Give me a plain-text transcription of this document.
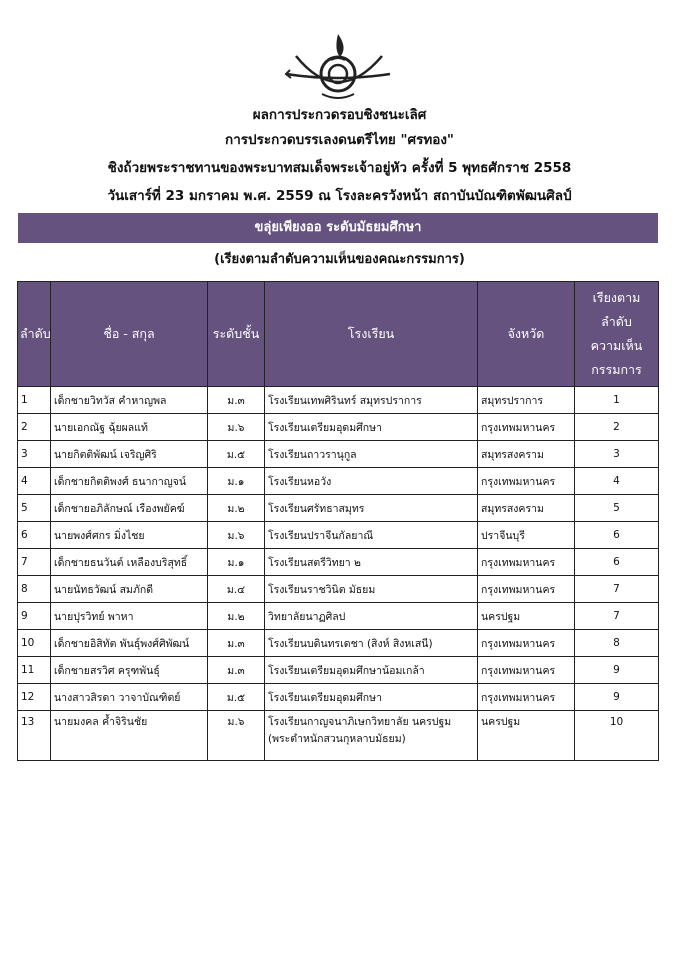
ผลการประกวดรอบชิงชนะเลิศ
การประกวดบรรเลงดนตรีไทย "ศรทอง"
ชิงถ้วยพระราชทานของพระบาทสมเด็จพระเจ้าอยู่หัว ครั้งที่ 5 พุทธศักราช 2558
วันเสาร์ที่ 23 มกราคม พ.ศ. 2559 ณ โรงละครวังหน้า สถาบันบัณฑิตพัฒนศิลป์
ขลุ่ยเพียงออ ระดับมัธยมศึกษา
(เรียงตามลำดับความเห็นของคณะกรรมการ)
ลำดับ	ชื่อ - สกุล	ระดับชั้น	โรงเรียน	จังหวัด	เรียงตาม
ลำดับ
ความเห็น
กรรมการ

1	เด็กชายวิทวัส คำหาญพล	ม.๓	โรงเรียนเทพศิรินทร์ สมุทรปราการ	สมุทรปราการ	1
2	นายเอกณัฐ ฉุ้ยผลแท้	ม.๖	โรงเรียนเตรียมอุดมศึกษา	กรุงเทพมหานคร	2
3	นายกิตติพัฒน์ เจริญศิริ	ม.๕	โรงเรียนถาวรานุกูล	สมุทรสงคราม	3
4	เด็กชายกิตติพงศ์ ธนากาญจน์	ม.๑	โรงเรียนหอวัง	กรุงเทพมหานคร	4
5	เด็กชายอภิลักษณ์ เรืองพยัคฆ์	ม.๒	โรงเรียนศรัทธาสมุทร	สมุทรสงคราม	5
6	นายพงศ์ศกร มิ่งไชย	ม.๖	โรงเรียนปราจีนกัลยาณี	ปราจีนบุรี	6
7	เด็กชายธนวันต์ เหลืองบริสุทธิ์	ม.๑	โรงเรียนสตรีวิทยา ๒	กรุงเทพมหานคร	6
8	นายนัทธวัฒน์ สมภักดี	ม.๔	โรงเรียนราชวินิต มัธยม	กรุงเทพมหานคร	7
9	นายปุรวิทย์ พาหา	ม.๒	วิทยาลัยนาฏศิลป	นครปฐม	7
10	เด็กชายอิสิทัต พันธุ์พงศ์ศิพัฒน์	ม.๓	โรงเรียนบดินทรเดชา (สิงห์ สิงหเสนี)	กรุงเทพมหานคร	8
11	เด็กชายสรวิศ ครุฑพันธุ์	ม.๓	โรงเรียนเตรียมอุดมศึกษาน้อมเกล้า	กรุงเทพมหานคร	9
12	นางสาวสิรดา วาจาบัณฑิตย์	ม.๕	โรงเรียนเตรียมอุดมศึกษา	กรุงเทพมหานคร	9
13	นายมงคล ค้ำจิรินชัย	ม.๖	โรงเรียนกาญจนาภิเษกวิทยาลัย นครปฐม (พระตำหนักสวนกุหลาบมัธยม)	นครปฐม	10
